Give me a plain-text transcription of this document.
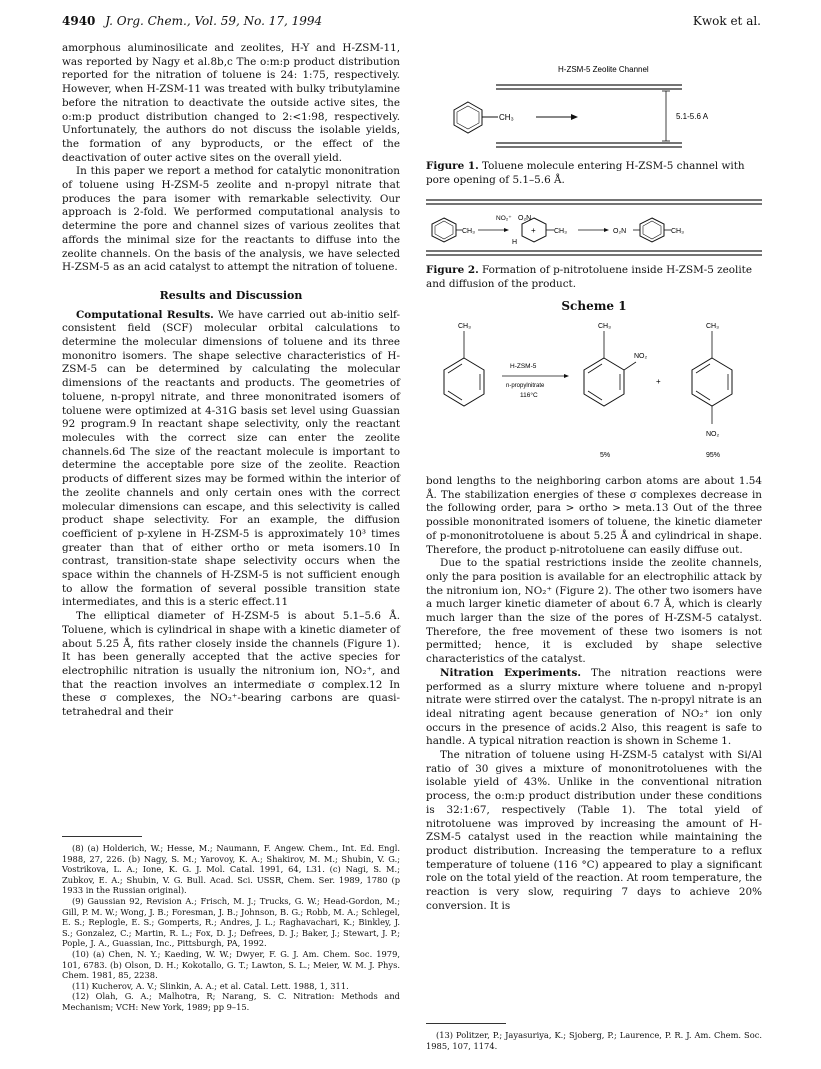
4940 J. Org. Chem., Vol. 59, No. 17, 1994	Kwok et al.

amorphous aluminosilicate and zeolites, H-Y and H-ZSM-11, was reported by Nagy et al.8b,c The o:m:p product distribution reported for the nitration of toluene is 24: 1:75, respectively. However, when H-ZSM-11 was treated with bulky tributylamine before the nitration to deactivate the outside active sites, the o:m:p product distribution changed to 2:<1:98, respectively. Unfortunately, the authors do not discuss the isolable yields, the formation of any byproducts, or the effect of the deactivation of outer active sites on the overall yield.

In this paper we report a method for catalytic mononitration of toluene using H-ZSM-5 zeolite and n-propyl nitrate that produces the para isomer with remarkable selectivity. Our approach is 2-fold. We performed computational analysis to determine the pore and channel sizes of various zeolites that affords the minimal size for the reactants to diffuse into the zeolite channels. On the basis of the analysis, we have selected H-ZSM-5 as an acid catalyst to attempt the nitration of toluene.

Results and Discussion

Computational Results. We have carried out ab-initio self-consistent field (SCF) molecular orbital calculations to determine the molecular dimensions of toluene and its three mononitro isomers. The shape selective characteristics of H-ZSM-5 can be determined by calculating the molecular dimensions of the reactants and products. The geometries of toluene, n-propyl nitrate, and three mononitrated isomers of toluene were optimized at 4-31G basis set level using Guassian 92 program.9 In reactant shape selectivity, only the reactant molecules with the correct size can enter the zeolite channels.6d The size of the reactant molecule is important to determine the acceptable pore size of the zeolite. Reaction products of different sizes may be formed within the interior of the zeolite channels and only certain ones with the correct molecular dimensions can escape, and this selectivity is called product shape selectivity. For an example, the diffusion coefficient of p-xylene in H-ZSM-5 is approximately 10³ times greater than that of either ortho or meta isomers.10 In contrast, transition-state shape selectivity occurs when the space within the channels of H-ZSM-5 is not sufficient enough to allow the formation of several possible transition state intermediates, and this is a steric effect.11

The elliptical diameter of H-ZSM-5 is about 5.1–5.6 Å. Toluene, which is cylindrical in shape with a kinetic diameter of about 5.25 Å, fits rather closely inside the channels (Figure 1). It has been generally accepted that the active species for electrophilic nitration is usually the nitronium ion, NO₂⁺, and that the reaction involves an intermediate σ complex.12 In these σ complexes, the NO₂⁺-bearing carbons are quasi-tetrahedral and their

(8) (a) Holderich, W.; Hesse, M.; Naumann, F. Angew. Chem., Int. Ed. Engl. 1988, 27, 226. (b) Nagy, S. M.; Yarovoy, K. A.; Shakirov, M. M.; Shubin, V. G.; Vostrikova, L. A.; Ione, K. G. J. Mol. Catal. 1991, 64, L31. (c) Nagi, S. M.; Zubkov, E. A.; Shubin, V. G. Bull. Acad. Sci. USSR, Chem. Ser. 1989, 1780 (p 1933 in the Russian original).

(9) Gaussian 92, Revision A.; Frisch, M. J.; Trucks, G. W.; Head-Gordon, M.; Gill, P. M. W.; Wong, J. B.; Foresman, J. B.; Johnson, B. G.; Robb, M. A.; Schlegel, E. S.; Replogle, E. S.; Gomperts, R.; Andres, J. L.; Raghavachari, K.; Binkley, J. S.; Gonzalez, C.; Martin, R. L.; Fox, D. J.; Defrees, D. J.; Baker, J.; Stewart, J. P.; Pople, J. A., Guassian, Inc., Pittsburgh, PA, 1992.

(10) (a) Chen, N. Y.; Kaeding, W. W.; Dwyer, F. G. J. Am. Chem. Soc. 1979, 101, 6783. (b) Olson, D. H.; Kokotallo, G. T.; Lawton, S. L.; Meier, W. M. J. Phys. Chem. 1981, 85, 2238.

(11) Kucherov, A. V.; Slinkin, A. A.; et al. Catal. Lett. 1988, 1, 311.

(12) Olah, G. A.; Malhotra, R; Narang, S. C. Nitration: Methods and Mechanism; VCH: New York, 1989; pp 9–15.

H-ZSM-5 Zeolite Channel
CH₃	5.1-5.6 A
Figure 1. Toluene molecule entering H-ZSM-5 channel with pore opening of 5.1–5.6 Å.
CH₃
NO₂⁺ O₂N
H
+	CH₃	O₂N	CH₃
Figure 2. Formation of p-nitrotoluene inside H-ZSM-5 zeolite and diffusion of the product.
Scheme 1
CH₃
H-ZSM-5
n-propylnitrate
116°C
CH₃
NO₂
+
CH₃
NO₂
5%	95%

bond lengths to the neighboring carbon atoms are about 1.54 Å. The stabilization energies of these σ complexes decrease in the following order, para > ortho > meta.13 Out of the three possible mononitrated isomers of toluene, the kinetic diameter of p-mononitrotoluene is about 5.25 Å and cylindrical in shape. Therefore, the product p-nitrotoluene can easily diffuse out.

Due to the spatial restrictions inside the zeolite channels, only the para position is available for an electrophilic attack by the nitronium ion, NO₂⁺ (Figure 2). The other two isomers have a much larger kinetic diameter of about 6.7 Å, which is clearly much larger than the size of the pores of H-ZSM-5 catalyst. Therefore, the free movement of these two isomers is not permitted; hence, it is excluded by shape selective characteristics of the catalyst.

Nitration Experiments. The nitration reactions were performed as a slurry mixture where toluene and n-propyl nitrate were stirred over the catalyst. The n-propyl nitrate is an ideal nitrating agent because generation of NO₂⁺ ion only occurs in the presence of acids.2 Also, this reagent is safe to handle. A typical nitration reaction is shown in Scheme 1.

The nitration of toluene using H-ZSM-5 catalyst with Si/Al ratio of 30 gives a mixture of mononitrotoluenes with the isolable yield of 43%. Unlike in the conventional nitration process, the o:m:p product distribution under these conditions is 32:1:67, respectively (Table 1). The total yield of nitrotoluene was improved by increasing the amount of H-ZSM-5 catalyst used in the reaction while maintaining the product distribution. Increasing the temperature to a reflux temperature of toluene (116 °C) appeared to play a significant role on the total yield of the reaction. At room temperature, the reaction is very slow, requiring 7 days to achieve 20% conversion. It is

(13) Politzer, P.; Jayasuriya, K.; Sjoberg, P.; Laurence, P. R. J. Am. Chem. Soc. 1985, 107, 1174.
